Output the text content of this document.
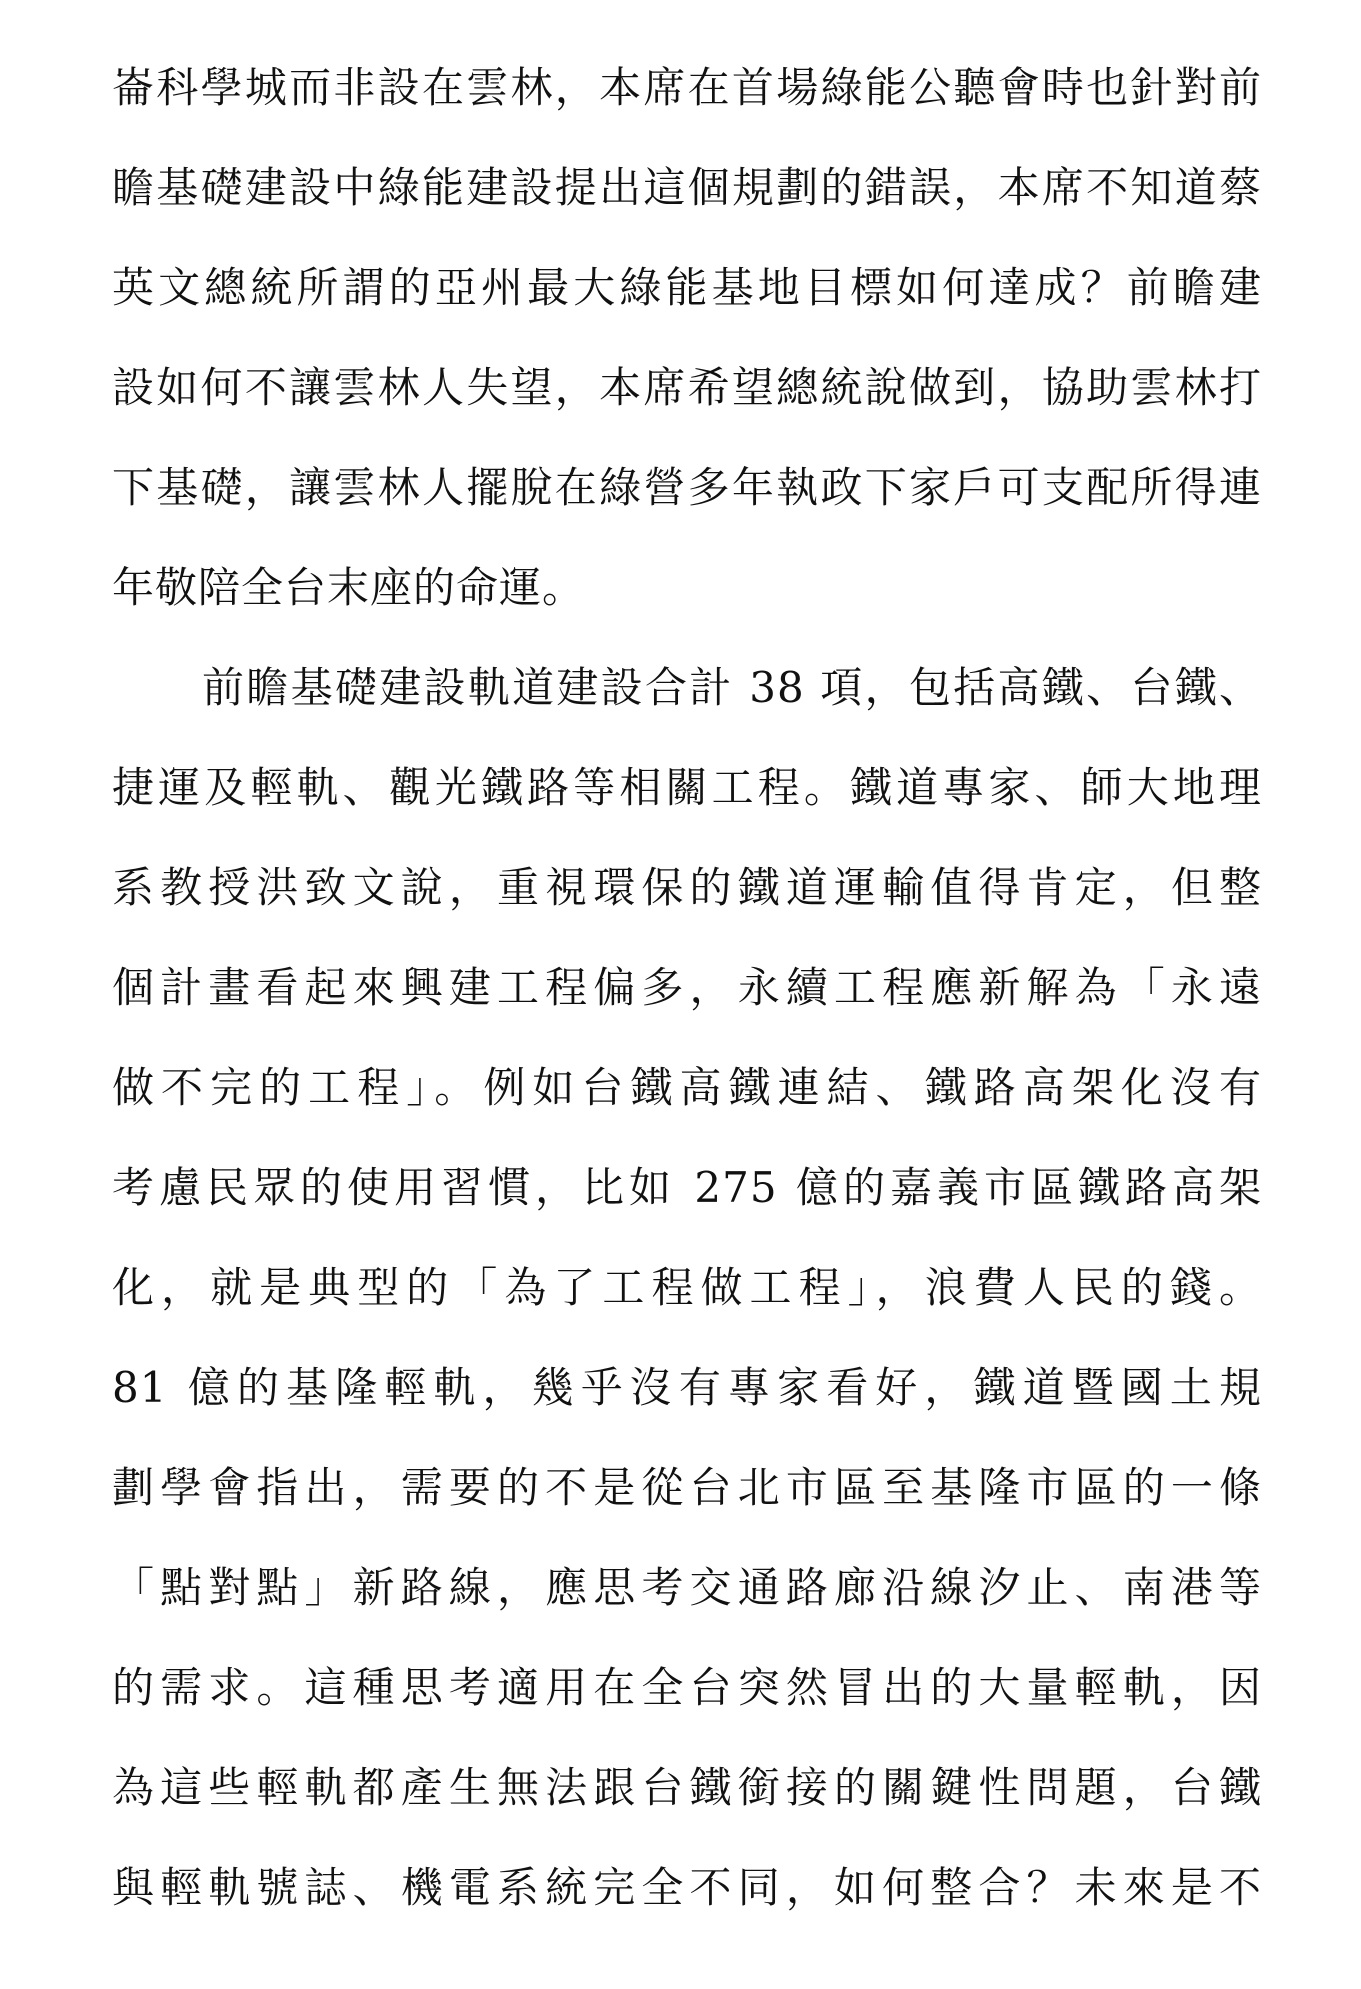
崙科學城而非設在雲林，本席在首場綠能公聽會時也針對前
瞻基礎建設中綠能建設提出這個規劃的錯誤，本席不知道蔡
英文總統所謂的亞州最大綠能基地目標如何達成？前瞻建
設如何不讓雲林人失望，本席希望總統說做到，協助雲林打
下基礎，讓雲林人擺脫在綠營多年執政下家戶可支配所得連
年敬陪全台末座的命運。
前瞻基礎建設軌道建設合計 38 項，包括高鐵、台鐵、
捷運及輕軌、觀光鐵路等相關工程。鐵道專家、師大地理
系教授洪致文說，重視環保的鐵道運輸值得肯定，但整
個計畫看起來興建工程偏多，永續工程應新解為「永遠
做不完的工程」。例如台鐵高鐵連結、鐵路高架化沒有
考慮民眾的使用習慣，比如 275 億的嘉義市區鐵路高架
化，就是典型的「為了工程做工程」，浪費人民的錢。
81 億的基隆輕軌，幾乎沒有專家看好，鐵道暨國土規
劃學會指出，需要的不是從台北市區至基隆市區的一條
「點對點」新路線，應思考交通路廊沿線汐止、南港等
的需求。這種思考適用在全台突然冒出的大量輕軌，因
為這些輕軌都產生無法跟台鐵銜接的關鍵性問題，台鐵
與輕軌號誌、機電系統完全不同，如何整合？未來是不
